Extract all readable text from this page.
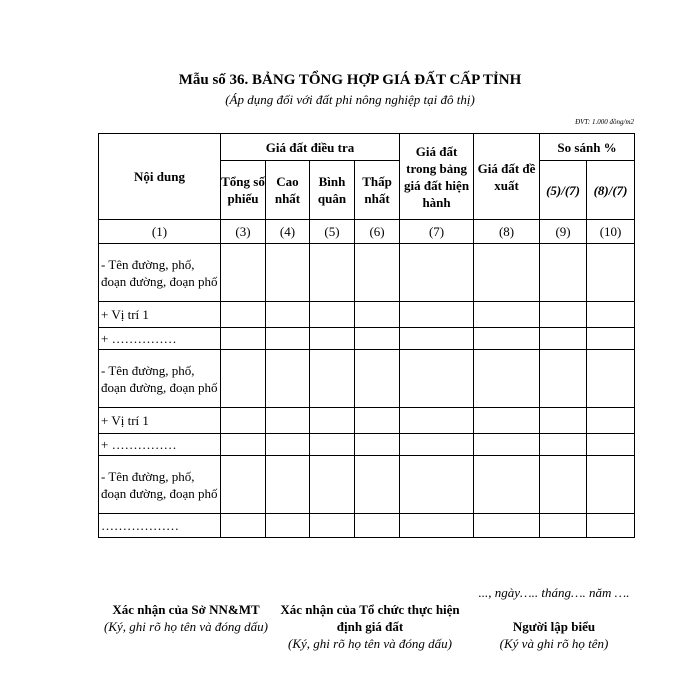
Mẫu số 36. BẢNG TỔNG HỢP GIÁ ĐẤT CẤP TỈNH
(Áp dụng đối với đất phi nông nghiệp tại đô thị)
ĐVT: 1.000 đồng/m2
Nội dung	Giá đất điều tra				Giá đất trong bảng giá đất hiện hành	Giá đất đề xuất	So sánh %	
	Tổng số phiếu	Cao nhất	Bình quân	Thấp nhất			(5)/(7)	(8)/(7)
(1)	(3)	(4)	(5)	(6)	(7)	(8)	(9)	(10)
- Tên đường, phố, đoạn đường, đoạn phố								
+ Vị trí 1								
+ ……………								
- Tên đường, phố, đoạn đường, đoạn phố								
+ Vị trí 1								
+ ……………								
- Tên đường, phố, đoạn đường, đoạn phố								
………………								
..., ngày….. tháng…. năm ….
Xác nhận của Sở NN&MT
(Ký, ghi rõ họ tên và đóng dấu)
Xác nhận của Tổ chức thực hiện định giá đất
(Ký, ghi rõ họ tên và đóng dấu)
Người lập biểu
(Ký và ghi rõ họ tên)
